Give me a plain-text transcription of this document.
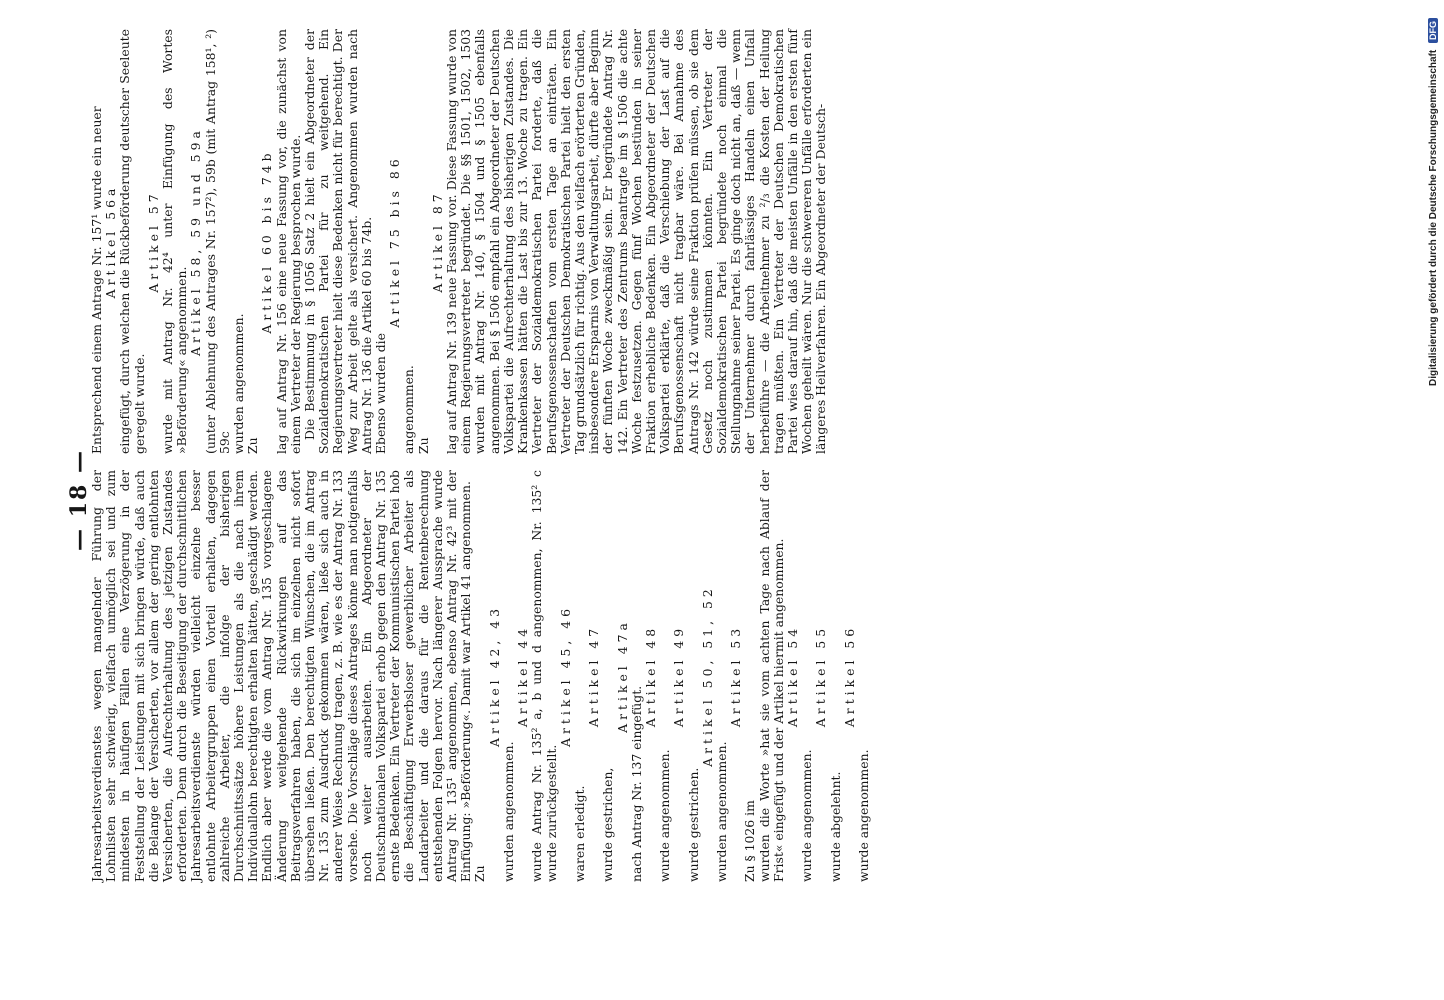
— 18 —

Jahresarbeitsverdienstes wegen mangelnder Führung der Lohnlisten sehr schwierig, vielfach unmöglich sei und zum mindesten in häufigen Fällen eine Verzögerung in der Feststellung der Leistungen mit sich bringen würde, daß auch die Belange der Versicherten, vor allem der gering entlohnten Versicherten, die Aufrechterhaltung des jetzigen Zustandes erforderten. Denn durch die Beseitigung der durchschnittlichen Jahresarbeitsverdienste würden vielleicht einzelne besser entlohnte Arbeitergruppen einen Vorteil erhalten, dagegen zahlreiche Arbeiter, die infolge der bisherigen Durchschnittssätze höhere Leistungen als die nach ihrem Individuallohn berechtigten erhalten hätten, geschädigt werden. Endlich aber werde die vom Antrag Nr. 135 vorgeschlagene Änderung weitgehende Rückwirkungen auf das Beitragsverfahren haben, die sich im einzelnen nicht sofort übersehen ließen. Den berechtigten Wünschen, die im Antrag Nr. 135 zum Ausdruck gekommen wären, ließe sich auch in anderer Weise Rechnung tragen, z. B. wie es der Antrag Nr. 133 vorsehe. Die Vorschläge dieses Antrages könne man notigenfalls noch weiter ausarbeiten. Ein Abgeordneter der Deutschnationalen Volkspartei erhob gegen den Antrag Nr. 135 ernste Bedenken. Ein Vertreter der Kommunistischen Partei hob die Beschäftigung Erwerbsloser gewerblicher Arbeiter als Landarbeiter und die daraus für die Rentenberechnung entstehenden Folgen hervor. Nach längerer Aussprache wurde Antrag Nr. 135¹ angenommen, ebenso Antrag Nr. 42³ mit der Einfügung: »Beförderung«. Damit war Artikel 41 angenommen. Zu

Artikel 42, 43

wurden angenommen.

Artikel 44 wurde Antrag Nr. 135² a, b und d angenommen, Nr. 135² c wurde zurückgestellt.

Artikel 45, 46

waren erledigt.

Artikel 47

wurde gestrichen,

Artikel 47a

nach Antrag Nr. 137 eingefügt.

Artikel 48

wurde angenommen.

Artikel 49

wurde gestrichen.

Artikel 50, 51, 52

wurden angenommen.

Artikel 53

Zu § 1026 im wurden die Worte »hat sie vom achten Tage nach Ablauf der Frist« eingefügt und der Artikel hiermit angenommen. Artikel 54

wurde angenommen.

Artikel 55

wurde abgelehnt.

Artikel 56

wurde angenommen.

Entsprechend einem Antrage Nr. 157¹ wurde ein neuer Artikel 56a eingefügt, durch welchen die Rückbeförderung deutscher Seeleute geregelt wurde.

Artikel 57 wurde mit Antrag Nr. 42⁴ unter Einfügung des Wortes »Beförderung« angenommen.

Artikel 58, 59 und 59a (unter Ablehnung des Antrages Nr. 157²), 59b (mit Antrag 158¹, ²) 59c wurden angenommen. Zu

Artikel 60 bis 74b lag auf Antrag Nr. 156 eine neue Fassung vor, die zunächst von einem Vertreter der Regierung besprochen wurde. Die Bestimmung in § 1056 Satz 2 hielt ein Abgeordneter der Sozialdemokratischen Partei für zu weitgehend. Ein Regierungsvertreter hielt diese Bedenken nicht für berechtigt. Der Weg zur Arbeit gelte als versichert. Angenommen wurden nach Antrag Nr. 136 die Artikel 60 bis 74b. Ebenso wurden die

Artikel 75 bis 86

angenommen. Zu

Artikel 87 lag auf Antrag Nr. 139 neue Fassung vor. Diese Fassung wurde von einem Regierungsvertreter begründet. Die §§ 1501, 1502, 1503 wurden mit Antrag Nr. 140, § 1504 und § 1505 ebenfalls angenommen. Bei § 1506 empfahl ein Abgeordneter der Deutschen Volkspartei die Aufrechterhaltung des bisherigen Zustandes. Die Krankenkassen hätten die Last bis zur 13. Woche zu tragen. Ein Vertreter der Sozialdemokratischen Partei forderte, daß die Berufsgenossenschaften vom ersten Tage an einträten. Ein Vertreter der Deutschen Demokratischen Partei hielt den ersten Tag grundsätzlich für richtig. Aus den vielfach erörterten Gründen, insbesondere Ersparnis von Verwaltungsarbeit, dürfte aber Beginn der fünften Woche zweckmäßig sein. Er begründete Antrag Nr. 142. Ein Vertreter des Zentrums beantragte im § 1506 die achte Woche festzusetzen. Gegen fünf Wochen bestünden in seiner Fraktion erhebliche Bedenken. Ein Abgeordneter der Deutschen Volkspartei erklärte, daß die Verschiebung der Last auf die Berufsgenossenschaft nicht tragbar wäre. Bei Annahme des Antrags Nr. 142 würde seine Fraktion prüfen müssen, ob sie dem Gesetz noch zustimmen könnten. Ein Vertreter der Sozialdemokratischen Partei begründete noch einmal die Stellungnahme seiner Partei. Es ginge doch nicht an, daß — wenn der Unternehmer durch fahrlässiges Handeln einen Unfall herbeiführe — die Arbeitnehmer zu ²/₃ die Kosten der Heilung tragen müßten. Ein Vertreter der Deutschen Demokratischen Partei wies darauf hin, daß die meisten Unfälle in den ersten fünf Wochen geheilt wären. Nur die schwereren Unfälle erforderten ein längeres Heilverfahren. Ein Abgeordneter der Deutsch-	Digitalisierung gefördert durch die Deutsche Forschungsgemeinschaft DFG
